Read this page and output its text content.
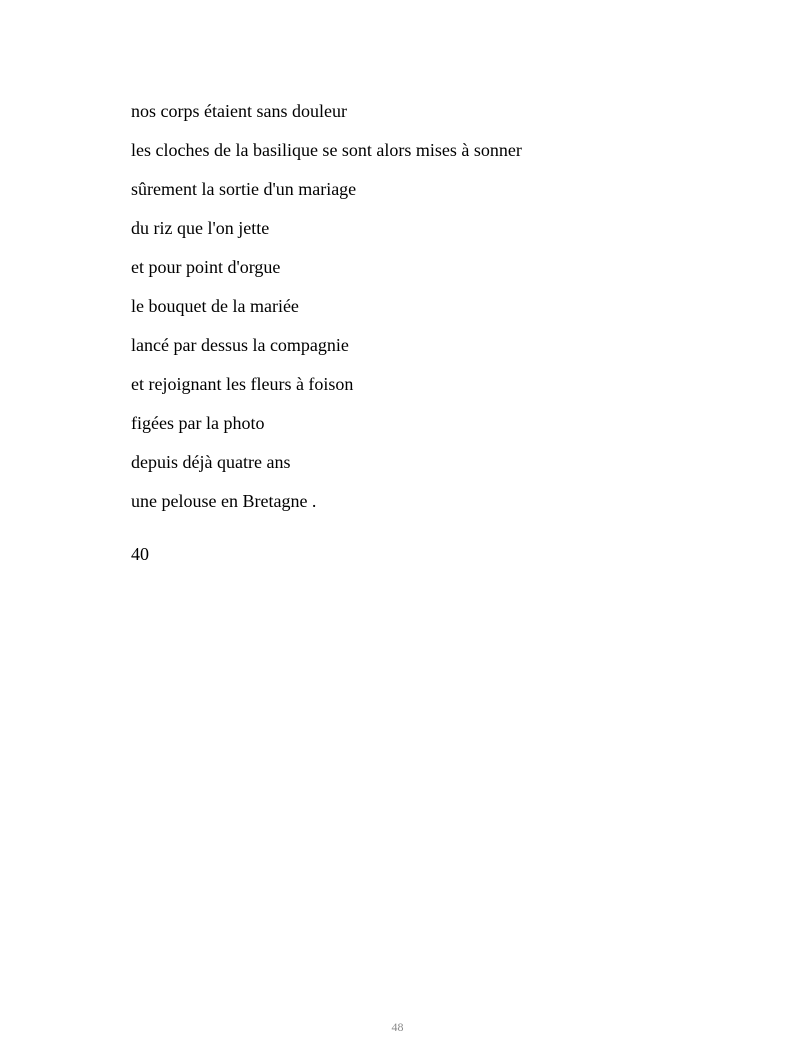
nos corps étaient sans douleur
les cloches de la basilique se sont alors mises à sonner
sûrement la sortie d'un mariage
du riz que l'on jette
et pour point d'orgue
le bouquet de la mariée
lancé par dessus la compagnie
et rejoignant les fleurs à foison
figées par la photo
depuis déjà quatre ans
une pelouse en Bretagne .
40
48
